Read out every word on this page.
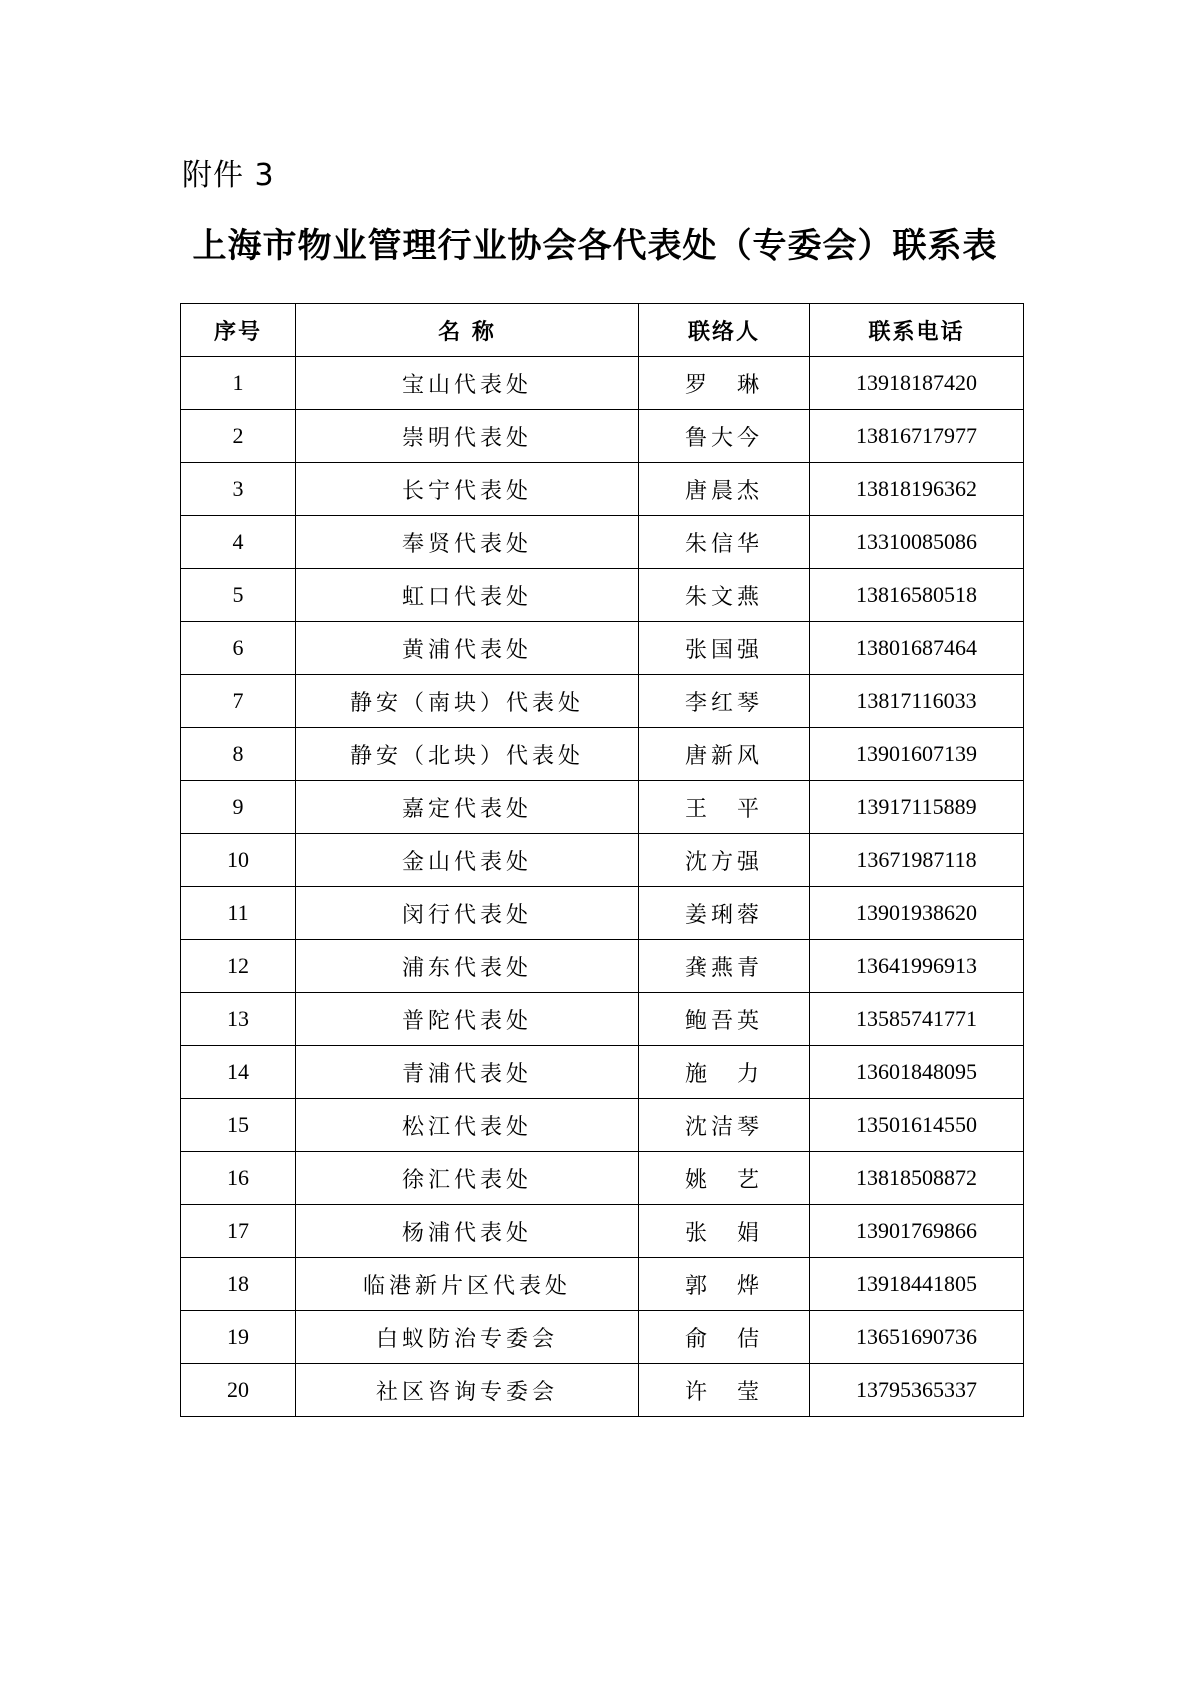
附件 3
上海市物业管理行业协会各代表处（专委会）联系表
序号	名 称	联络人	联系电话
1	宝山代表处	罗　琳	13918187420
2	崇明代表处	鲁大今	13816717977
3	长宁代表处	唐晨杰	13818196362
4	奉贤代表处	朱信华	13310085086
5	虹口代表处	朱文燕	13816580518
6	黄浦代表处	张国强	13801687464
7	静安（南块）代表处	李红琴	13817116033
8	静安（北块）代表处	唐新风	13901607139
9	嘉定代表处	王　平	13917115889
10	金山代表处	沈方强	13671987118
11	闵行代表处	姜琍蓉	13901938620
12	浦东代表处	龚燕青	13641996913
13	普陀代表处	鲍吾英	13585741771
14	青浦代表处	施　力	13601848095
15	松江代表处	沈洁琴	13501614550
16	徐汇代表处	姚　艺	13818508872
17	杨浦代表处	张　娟	13901769866
18	临港新片区代表处	郭　烨	13918441805
19	白蚁防治专委会	俞　佶	13651690736
20	社区咨询专委会	许　莹	13795365337
